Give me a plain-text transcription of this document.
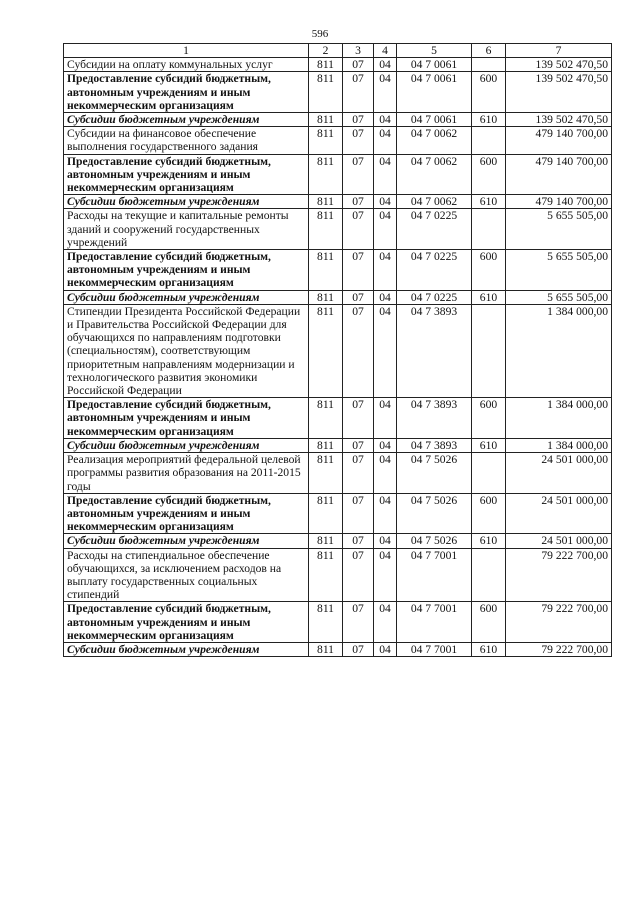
596
1	2	3	4	5	6	7
Субсидии на оплату коммунальных услуг	811	07	04	04 7 0061		139 502 470,50
Предоставление субсидий бюджетным, автономным учреждениям и иным некоммерческим организациям	811	07	04	04 7 0061	600	139 502 470,50
Субсидии бюджетным учреждениям	811	07	04	04 7 0061	610	139 502 470,50
Субсидии на финансовое обеспечение выполнения государственного задания	811	07	04	04 7 0062		479 140 700,00
Предоставление субсидий бюджетным, автономным учреждениям и иным некоммерческим организациям	811	07	04	04 7 0062	600	479 140 700,00
Субсидии бюджетным учреждениям	811	07	04	04 7 0062	610	479 140 700,00
Расходы на текущие и капитальные ремонты зданий и сооружений государственных учреждений	811	07	04	04 7 0225		5 655 505,00
Предоставление субсидий бюджетным, автономным учреждениям и иным некоммерческим организациям	811	07	04	04 7 0225	600	5 655 505,00
Субсидии бюджетным учреждениям	811	07	04	04 7 0225	610	5 655 505,00
Стипендии Президента Российской Федерации и Правительства Российской Федерации для обучающихся по направлениям подготовки (специальностям), соответствующим приоритетным направлениям модернизации и технологического развития экономики Российской Федерации	811	07	04	04 7 3893		1 384 000,00
Предоставление субсидий бюджетным, автономным учреждениям и иным некоммерческим организациям	811	07	04	04 7 3893	600	1 384 000,00
Субсидии бюджетным учреждениям	811	07	04	04 7 3893	610	1 384 000,00
Реализация мероприятий федеральной целевой программы развития образования на 2011-2015 годы	811	07	04	04 7 5026		24 501 000,00
Предоставление субсидий бюджетным, автономным учреждениям и иным некоммерческим организациям	811	07	04	04 7 5026	600	24 501 000,00
Субсидии бюджетным учреждениям	811	07	04	04 7 5026	610	24 501 000,00
Расходы на стипендиальное обеспечение обучающихся, за исключением расходов на выплату государственных социальных стипендий	811	07	04	04 7 7001		79 222 700,00
Предоставление субсидий бюджетным, автономным учреждениям и иным некоммерческим организациям	811	07	04	04 7 7001	600	79 222 700,00
Субсидии бюджетным учреждениям	811	07	04	04 7 7001	610	79 222 700,00
